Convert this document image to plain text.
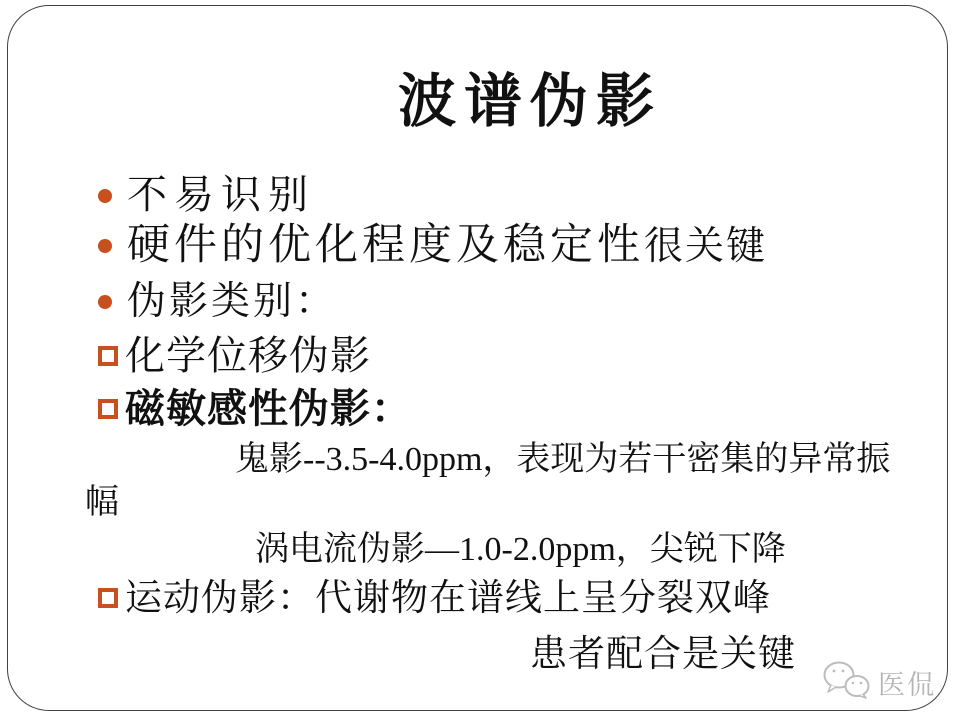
波谱伪影
不易识别
硬件的优化程度及稳定性很关键
伪影类别：
化学位移伪影
磁敏感性伪影：
鬼影--3.5-4.0ppm，表现为若干密集的异常振
幅
涡电流伪影—1.0-2.0ppm，尖锐下降
运动伪影：代谢物在谱线上呈分裂双峰
患者配合是关键
医侃
